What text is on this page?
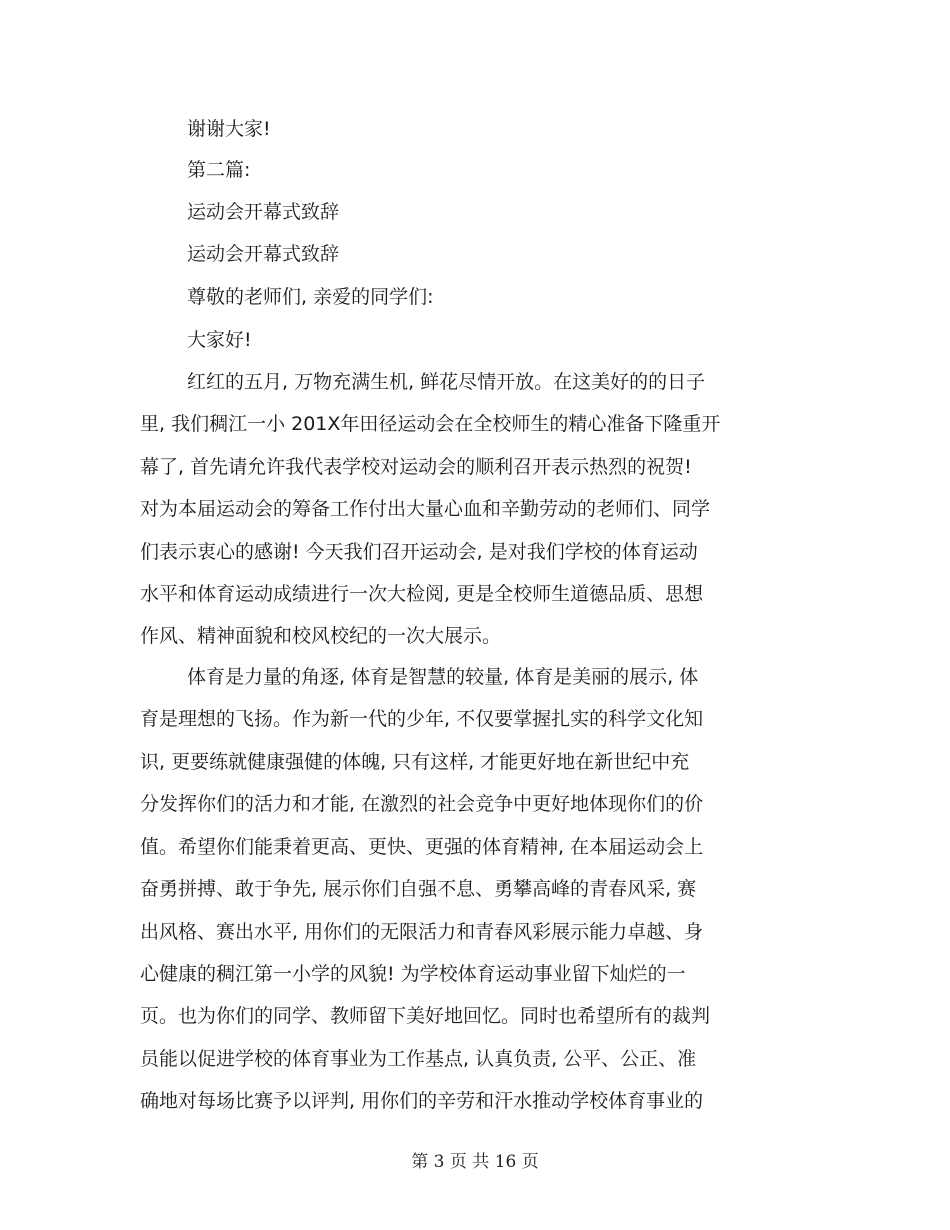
谢谢大家!
第二篇:
运动会开幕式致辞
运动会开幕式致辞
尊敬的老师们, 亲爱的同学们:
大家好!
红红的五月, 万物充满生机, 鲜花尽情开放。在这美好的的日子
里, 我们稠江一小 201X年田径运动会在全校师生的精心准备下隆重开
幕了, 首先请允许我代表学校对运动会的顺利召开表示热烈的祝贺!
对为本届运动会的筹备工作付出大量心血和辛勤劳动的老师们、同学
们表示衷心的感谢! 今天我们召开运动会, 是对我们学校的体育运动
水平和体育运动成绩进行一次大检阅, 更是全校师生道德品质、思想
作风、精神面貌和校风校纪的一次大展示。
体育是力量的角逐, 体育是智慧的较量, 体育是美丽的展示, 体
育是理想的飞扬。作为新一代的少年, 不仅要掌握扎实的科学文化知
识, 更要练就健康强健的体魄, 只有这样, 才能更好地在新世纪中充
分发挥你们的活力和才能, 在激烈的社会竞争中更好地体现你们的价
值。希望你们能秉着更高、更快、更强的体育精神, 在本届运动会上
奋勇拼搏、敢于争先, 展示你们自强不息、勇攀高峰的青春风采, 赛
出风格、赛出水平, 用你们的无限活力和青春风彩展示能力卓越、身
心健康的稠江第一小学的风貌! 为学校体育运动事业留下灿烂的一
页。也为你们的同学、教师留下美好地回忆。同时也希望所有的裁判
员能以促进学校的体育事业为工作基点, 认真负责, 公平、公正、准
确地对每场比赛予以评判, 用你们的辛劳和汗水推动学校体育事业的
第 3 页 共 16 页
